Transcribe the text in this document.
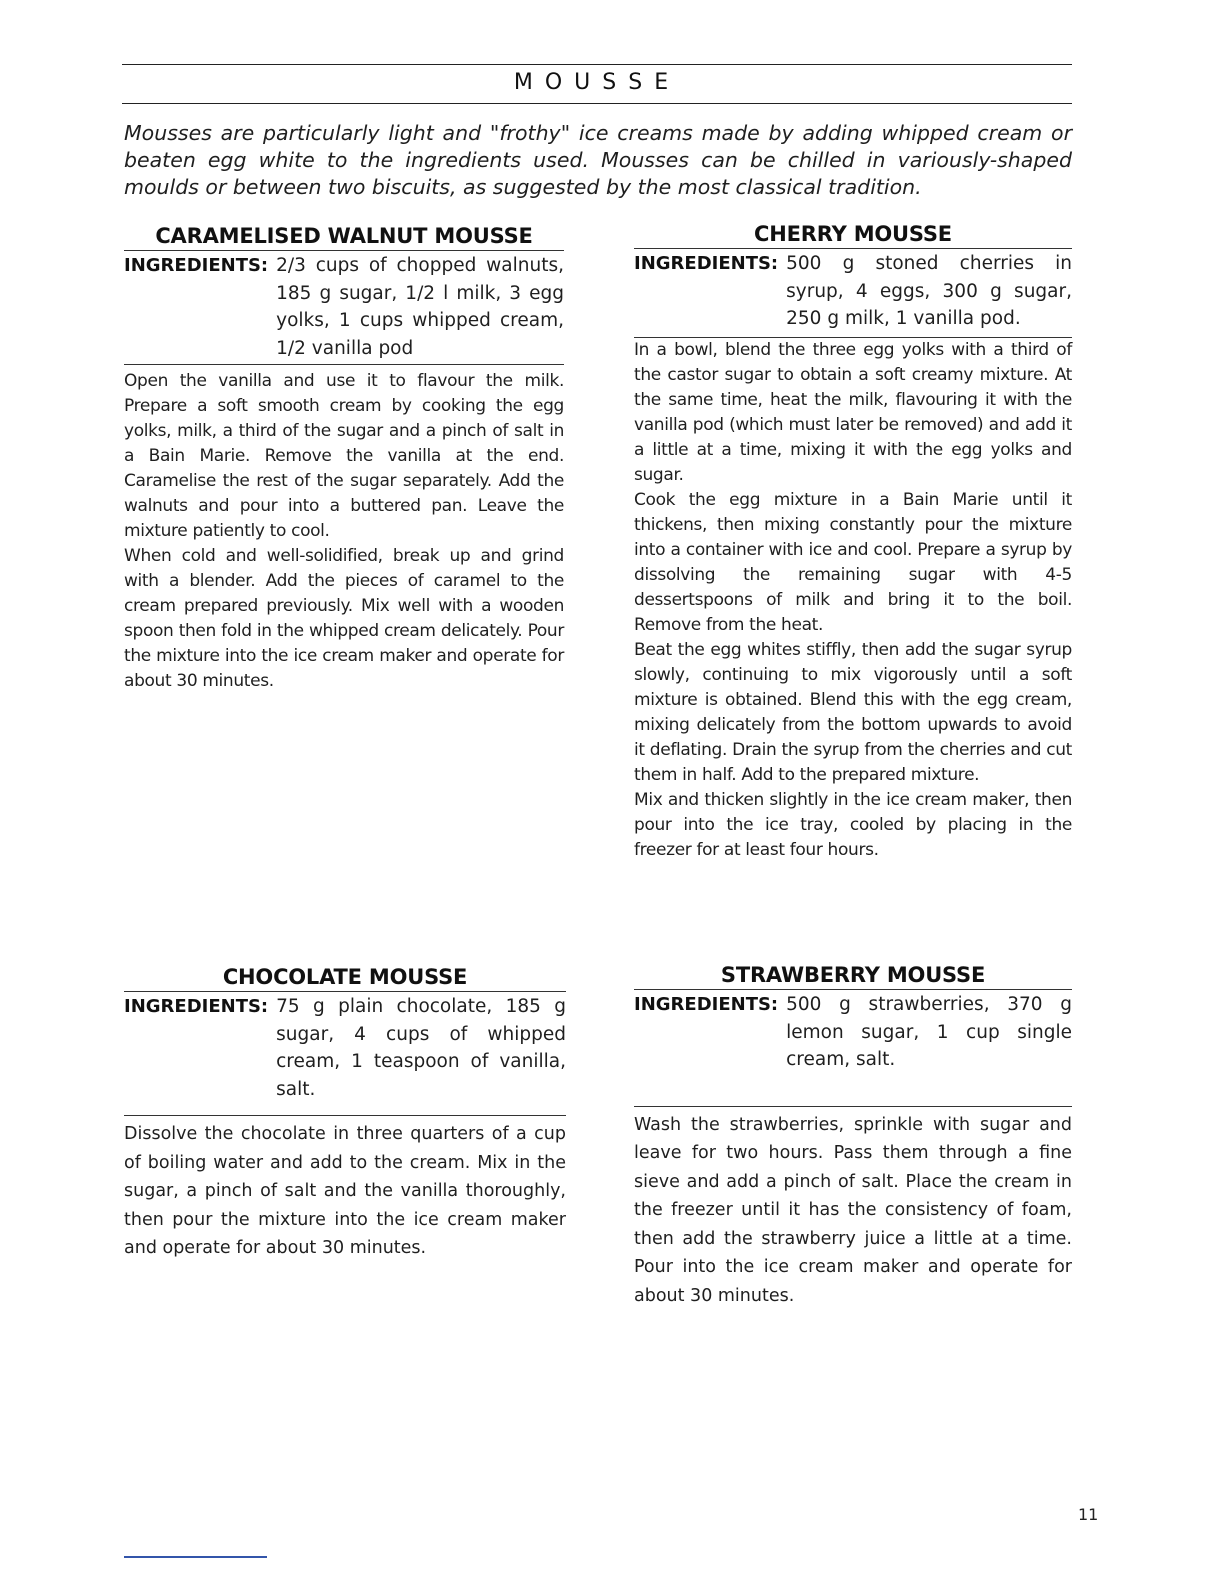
MOUSSE
Mousses are particularly light and "frothy" ice creams made by adding whipped cream or beaten egg white to the ingredients used. Mousses can be chilled in variously-shaped moulds or between two biscuits, as suggested by the most classical tradition.
CARAMELISED WALNUT MOUSSE
INGREDIENTS: 2/3 cups of chopped walnuts, 185 g sugar, 1/2 l milk, 3 egg yolks, 1 cups whipped cream, 1/2 vanilla pod

Open the vanilla and use it to flavour the milk. Prepare a soft smooth cream by cooking the egg yolks, milk, a third of the sugar and a pinch of salt in a Bain Marie. Remove the vanilla at the end. Caramelise the rest of the sugar separately. Add the walnuts and pour into a buttered pan. Leave the mixture patiently to cool.

When cold and well-solidified, break up and grind with a blender. Add the pieces of caramel to the cream prepared previously. Mix well with a wooden spoon then fold in the whipped cream delicately. Pour the mixture into the ice cream maker and operate for about 30 minutes.

CHERRY MOUSSE
INGREDIENTS: 500 g stoned cherries in syrup, 4 eggs, 300 g sugar, 250 g milk, 1 vanilla pod.

In a bowl, blend the three egg yolks with a third of the castor sugar to obtain a soft creamy mixture. At the same time, heat the milk, flavouring it with the vanilla pod (which must later be removed) and add it a little at a time, mixing it with the egg yolks and sugar.

Cook the egg mixture in a Bain Marie until it thickens, then mixing constantly pour the mixture into a container with ice and cool. Prepare a syrup by dissolving the remaining sugar with 4-5 dessertspoons of milk and bring it to the boil. Remove from the heat.

Beat the egg whites stiffly, then add the sugar syrup slowly, continuing to mix vigorously until a soft mixture is obtained. Blend this with the egg cream, mixing delicately from the bottom upwards to avoid it deflating. Drain the syrup from the cherries and cut them in half. Add to the prepared mixture.

Mix and thicken slightly in the ice cream maker, then pour into the ice tray, cooled by placing in the freezer for at least four hours.

CHOCOLATE MOUSSE
INGREDIENTS: 75 g plain chocolate, 185 g sugar, 4 cups of whipped cream, 1 teaspoon of vanilla, salt.

Dissolve the chocolate in three quarters of a cup of boiling water and add to the cream. Mix in the sugar, a pinch of salt and the vanilla thoroughly, then pour the mixture into the ice cream maker and operate for about 30 minutes.

STRAWBERRY MOUSSE
INGREDIENTS: 500 g strawberries, 370 g lemon sugar, 1 cup single cream, salt.

Wash the strawberries, sprinkle with sugar and leave for two hours. Pass them through a fine sieve and add a pinch of salt. Place the cream in the freezer until it has the consistency of foam, then add the strawberry juice a little at a time. Pour into the ice cream maker and operate for about 30 minutes.

11
